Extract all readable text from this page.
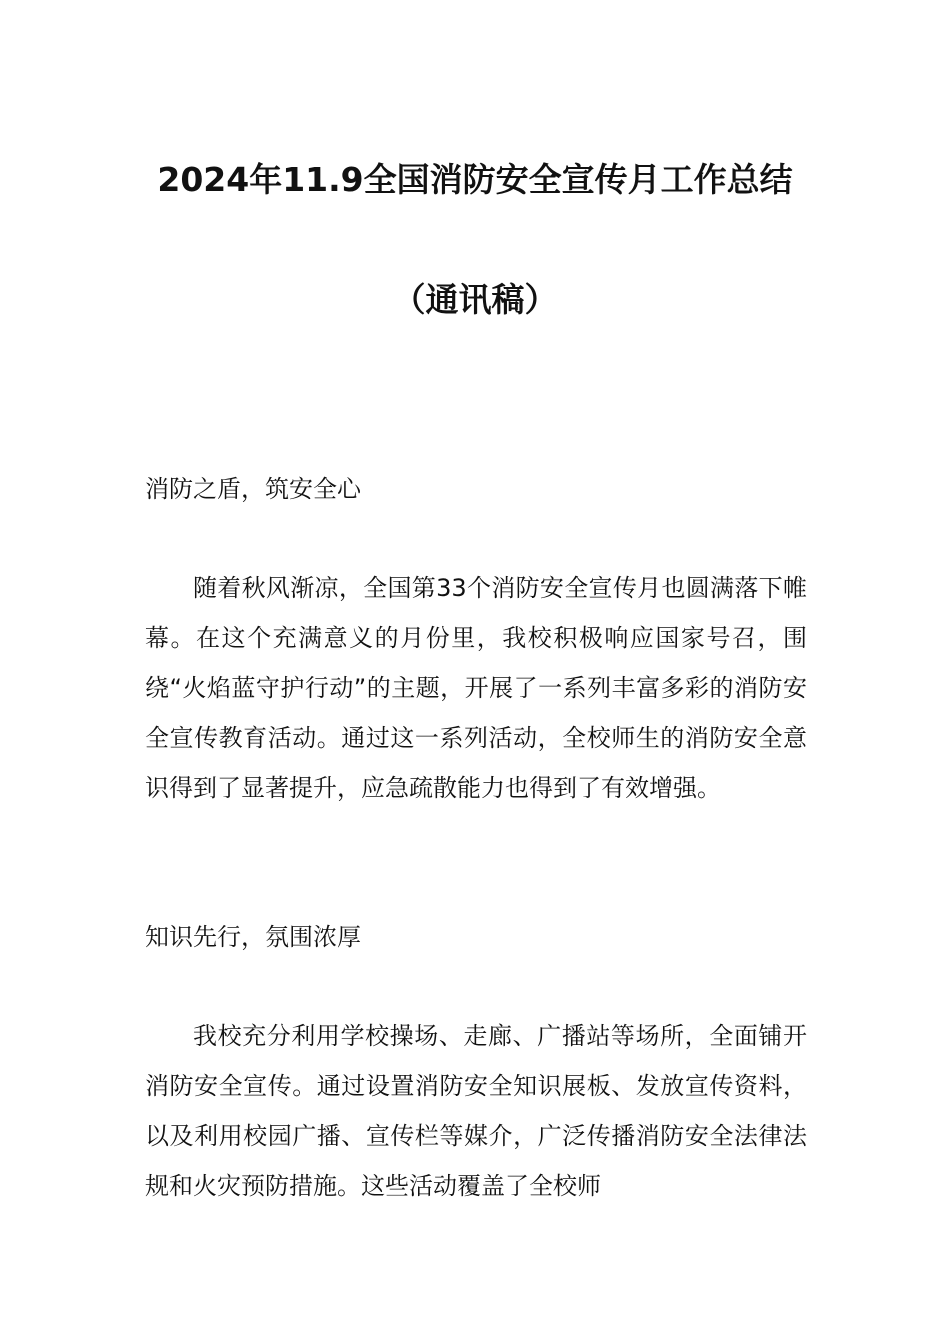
2024年11.9全国消防安全宣传月工作总结
（通讯稿）
消防之盾，筑安全心
随着秋风渐凉，全国第33个消防安全宣传月也圆满落下帷幕。在这个充满意义的月份里，我校积极响应国家号召，围绕“火焰蓝守护行动”的主题，开展了一系列丰富多彩的消防安全宣传教育活动。通过这一系列活动，全校师生的消防安全意识得到了显著提升，应急疏散能力也得到了有效增强。
知识先行，氛围浓厚
我校充分利用学校操场、走廊、广播站等场所，全面铺开消防安全宣传。通过设置消防安全知识展板、发放宣传资料，以及利用校园广播、宣传栏等媒介，广泛传播消防安全法律法规和火灾预防措施。这些活动覆盖了全校师
